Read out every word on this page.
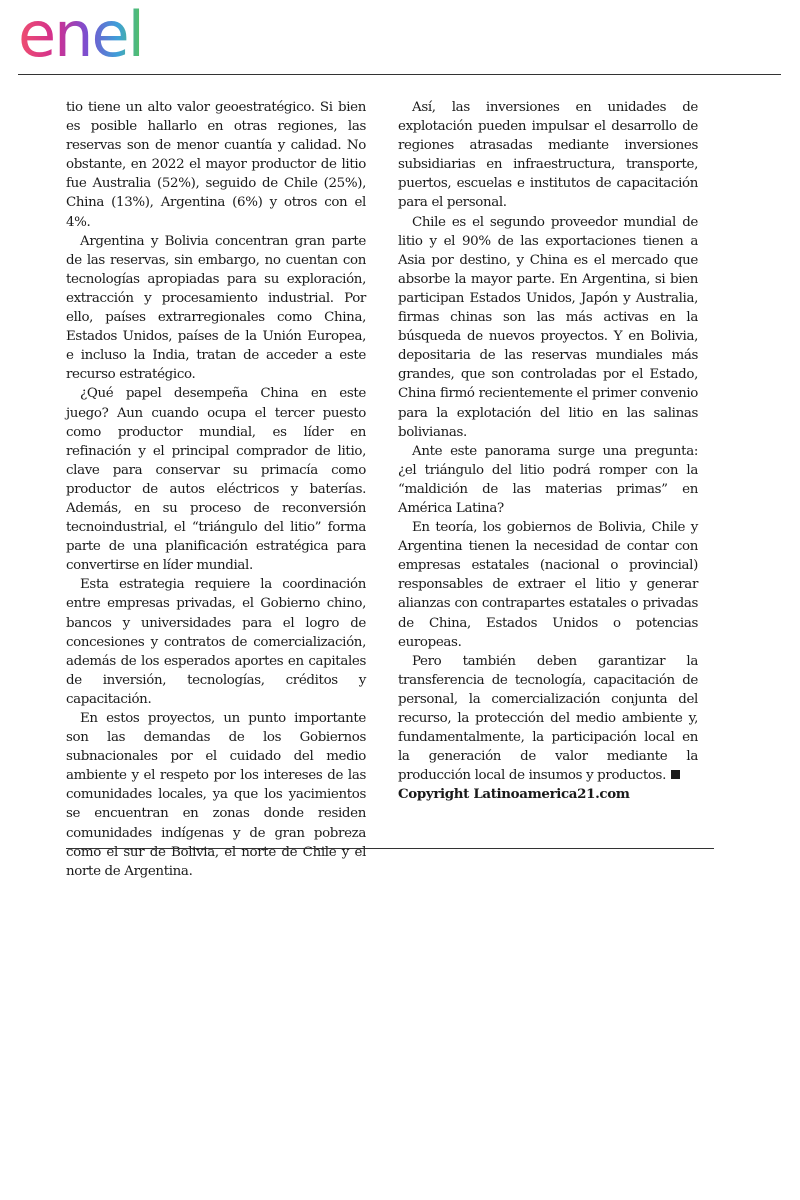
enel

tio tiene un alto valor geoestratégico. Si bien es posible hallarlo en otras regiones, las reservas son de menor cuantía y calidad. No obstante, en 2022 el mayor productor de litio fue Australia (52%), seguido de Chile (25%), China (13%), Argentina (6%) y otros con el 4%.

Argentina y Bolivia concentran gran parte de las reservas, sin embargo, no cuentan con tecnologías apropiadas para su exploración, extracción y procesamiento industrial. Por ello, países extrarregionales como China, Estados Unidos, países de la Unión Europea, e incluso la India, tratan de acceder a este recurso estratégico.

¿Qué papel desempeña China en este juego? Aun cuando ocupa el tercer puesto como productor mundial, es líder en refinación y el principal comprador de litio, clave para conservar su primacía como productor de autos eléctricos y baterías. Además, en su proceso de reconversión tecnoindustrial, el “triángulo del litio” forma parte de una planificación estratégica para convertirse en líder mundial.

Esta estrategia requiere la coordinación entre empresas privadas, el Gobierno chino, bancos y universidades para el logro de concesiones y contratos de comercialización, además de los esperados aportes en capitales de inversión, tecnologías, créditos y capacitación.

En estos proyectos, un punto importante son las demandas de los Gobiernos subnacionales por el cuidado del medio ambiente y el respeto por los intereses de las comunidades locales, ya que los yacimientos se encuentran en zonas donde residen comunidades indígenas y de gran pobreza como el sur de Bolivia, el norte de Chile y el norte de Argentina.

Así, las inversiones en unidades de explotación pueden impulsar el desarrollo de regiones atrasadas mediante inversiones subsidiarias en infraestructura, transporte, puertos, escuelas e institutos de capacitación para el personal.

Chile es el segundo proveedor mundial de litio y el 90% de las exportaciones tienen a Asia por destino, y China es el mercado que absorbe la mayor parte. En Argentina, si bien participan Estados Unidos, Japón y Australia, firmas chinas son las más activas en la búsqueda de nuevos proyectos. Y en Bolivia, depositaria de las reservas mundiales más grandes, que son controladas por el Estado, China firmó recientemente el primer convenio para la explotación del litio en las salinas bolivianas.

Ante este panorama surge una pregunta: ¿el triángulo del litio podrá romper con la “maldición de las materias primas” en América Latina?

En teoría, los gobiernos de Bolivia, Chile y Argentina tienen la necesidad de contar con empresas estatales (nacional o provincial) responsables de extraer el litio y generar alianzas con contrapartes estatales o privadas de China, Estados Unidos o potencias europeas.

Pero también deben garantizar la transferencia de tecnología, capacitación de personal, la comercialización conjunta del recurso, la protección del medio ambiente y, fundamentalmente, la participación local en la generación de valor mediante la producción local de insumos y productos.

Copyright Latinoamerica21.com
